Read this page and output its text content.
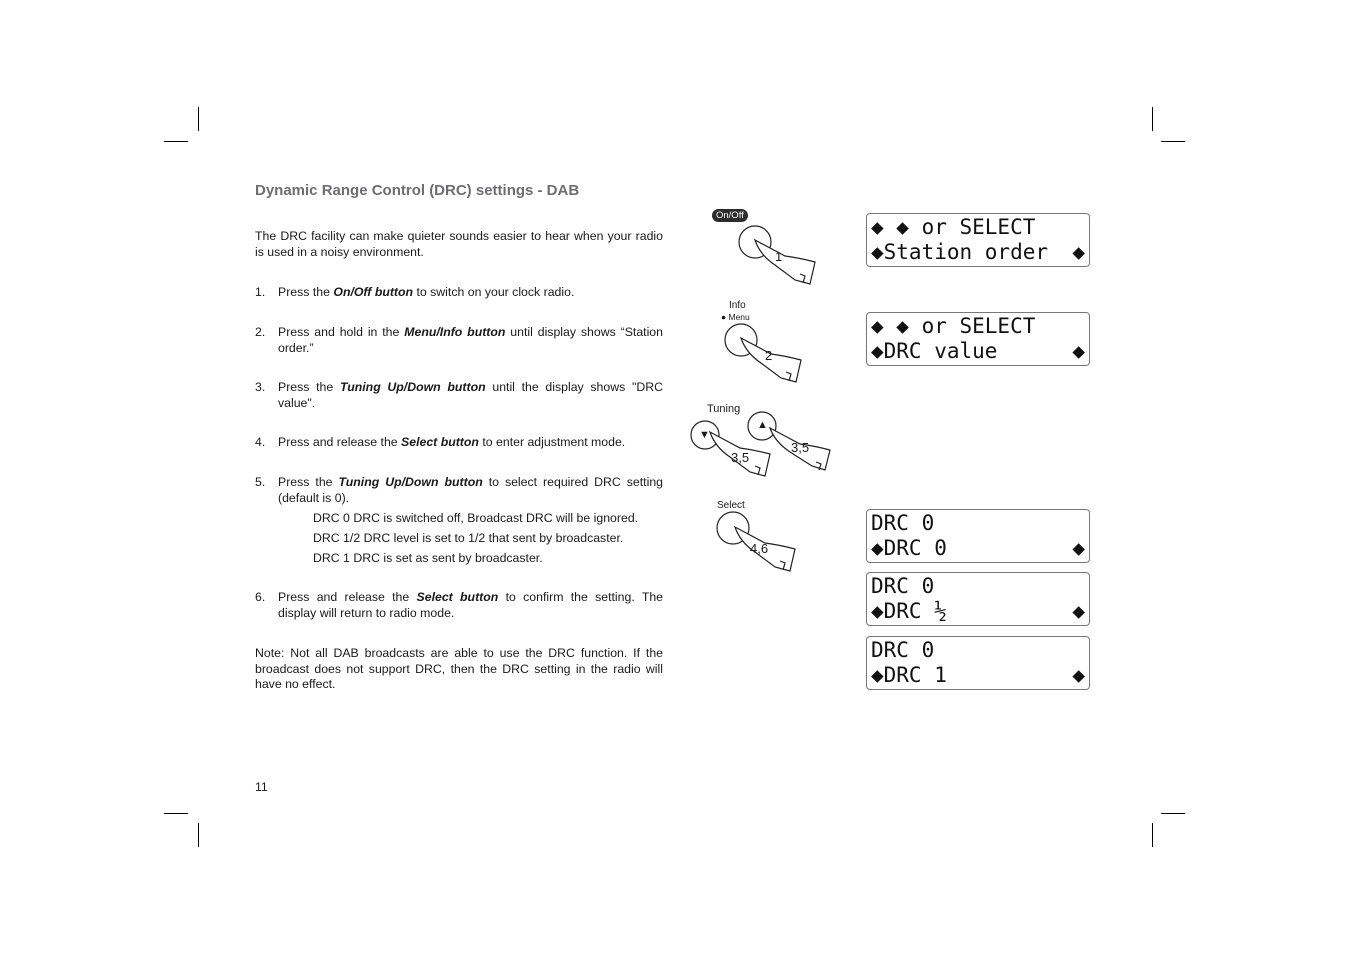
Dynamic Range Control (DRC) settings - DAB
The DRC facility can make quieter sounds easier to hear when your radio is used in a noisy environment.
1. Press the On/Off button to switch on your clock radio.
2. Press and hold in the Menu/Info button until display shows “Station order.”
3. Press the Tuning Up/Down button until the display shows "DRC value".
4. Press and release the Select button to enter adjustment mode.
5. Press the Tuning Up/Down button to select required DRC setting (default is 0).
DRC 0 DRC is switched off, Broadcast DRC will be ignored.
DRC 1/2 DRC level is set to 1/2 that sent by broadcaster.
DRC 1 DRC is set as sent by broadcaster.
6. Press and release the Select button to confirm the setting. The display will return to radio mode.
Note: Not all DAB broadcasts are able to use the DRC function. If the broadcast does not support DRC, then the DRC setting in the radio will have no effect.
11
On/Off
1
Info
● Menu
2
Tuning
▼
▲
3,5
3,5
Select
4,6
◆ ◆ or SELECT
◆Station order ◆
◆ ◆ or SELECT
◆DRC value	◆
DRC 0
◆DRC 0	◆
DRC 0
◆DRC ½	◆
DRC 0
◆DRC 1	◆
